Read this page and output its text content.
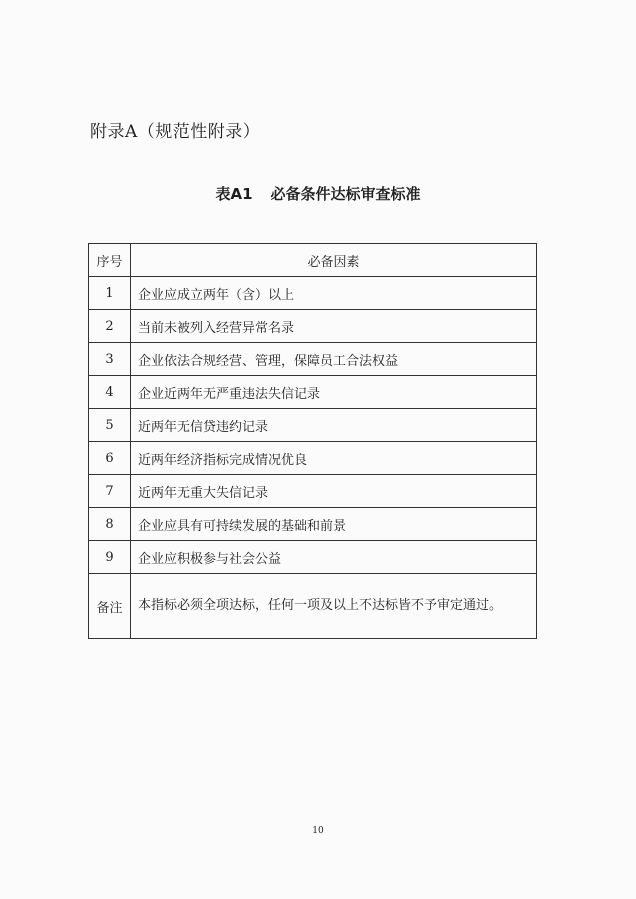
附录A（规范性附录）
表A1 必备条件达标审查标准
序号	必备因素
1	企业应成立两年（含）以上
2	当前未被列入经营异常名录
3	企业依法合规经营、管理，保障员工合法权益
4	企业近两年无严重违法失信记录
5	近两年无信贷违约记录
6	近两年经济指标完成情况优良
7	近两年无重大失信记录
8	企业应具有可持续发展的基础和前景
9	企业应积极参与社会公益
备注	本指标必须全项达标，任何一项及以上不达标皆不予审定通过。
10
